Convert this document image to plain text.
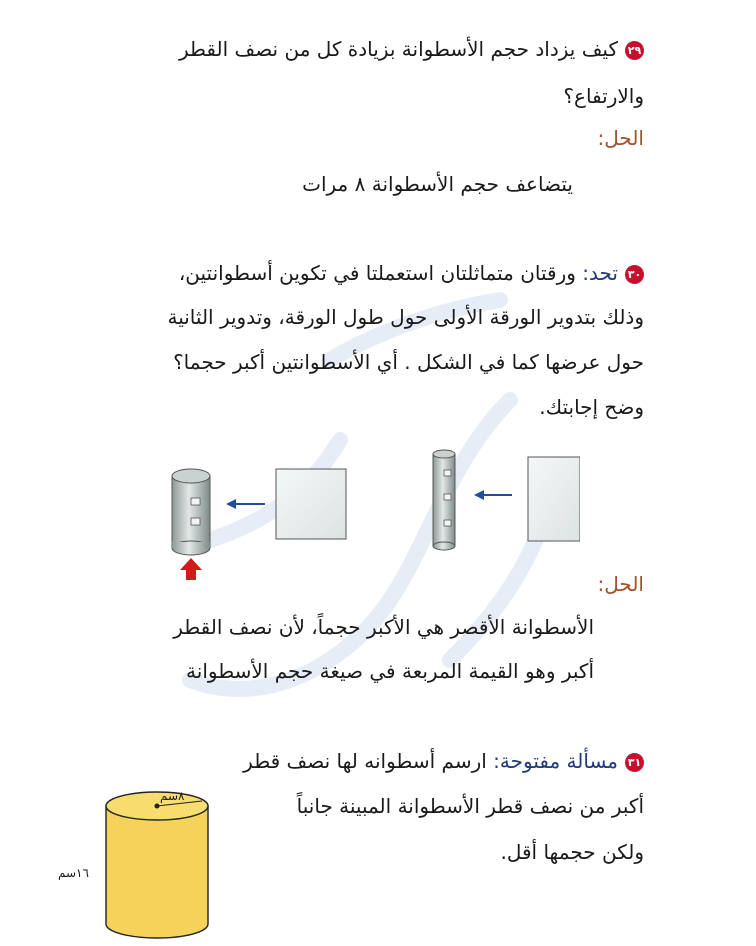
٢٩كيف يزداد حجم الأسطوانة بزيادة كل من نصف القطر
والارتفاع؟
الحل:
يتضاعف حجم الأسطوانة ٨ مرات
٣٠تحد: ورقتان متماثلتان استعملتا في تكوين أسطوانتين،
وذلك بتدوير الورقة الأولى حول طول الورقة، وتدوير الثانية
حول عرضها كما في الشكل . أي الأسطوانتين أكبر حجما؟
وضح إجابتك.
الحل:
الأسطوانة الأقصر هي الأكبر حجماً، لأن نصف القطر
أكبر وهو القيمة المربعة في صيغة حجم الأسطوانة
٣١مسألة مفتوحة: ارسم أسطوانه لها نصف قطر
أكبر من نصف قطر الأسطوانة المبينة جانباً
ولكن حجمها أقل.
٨سم
١٦سم
